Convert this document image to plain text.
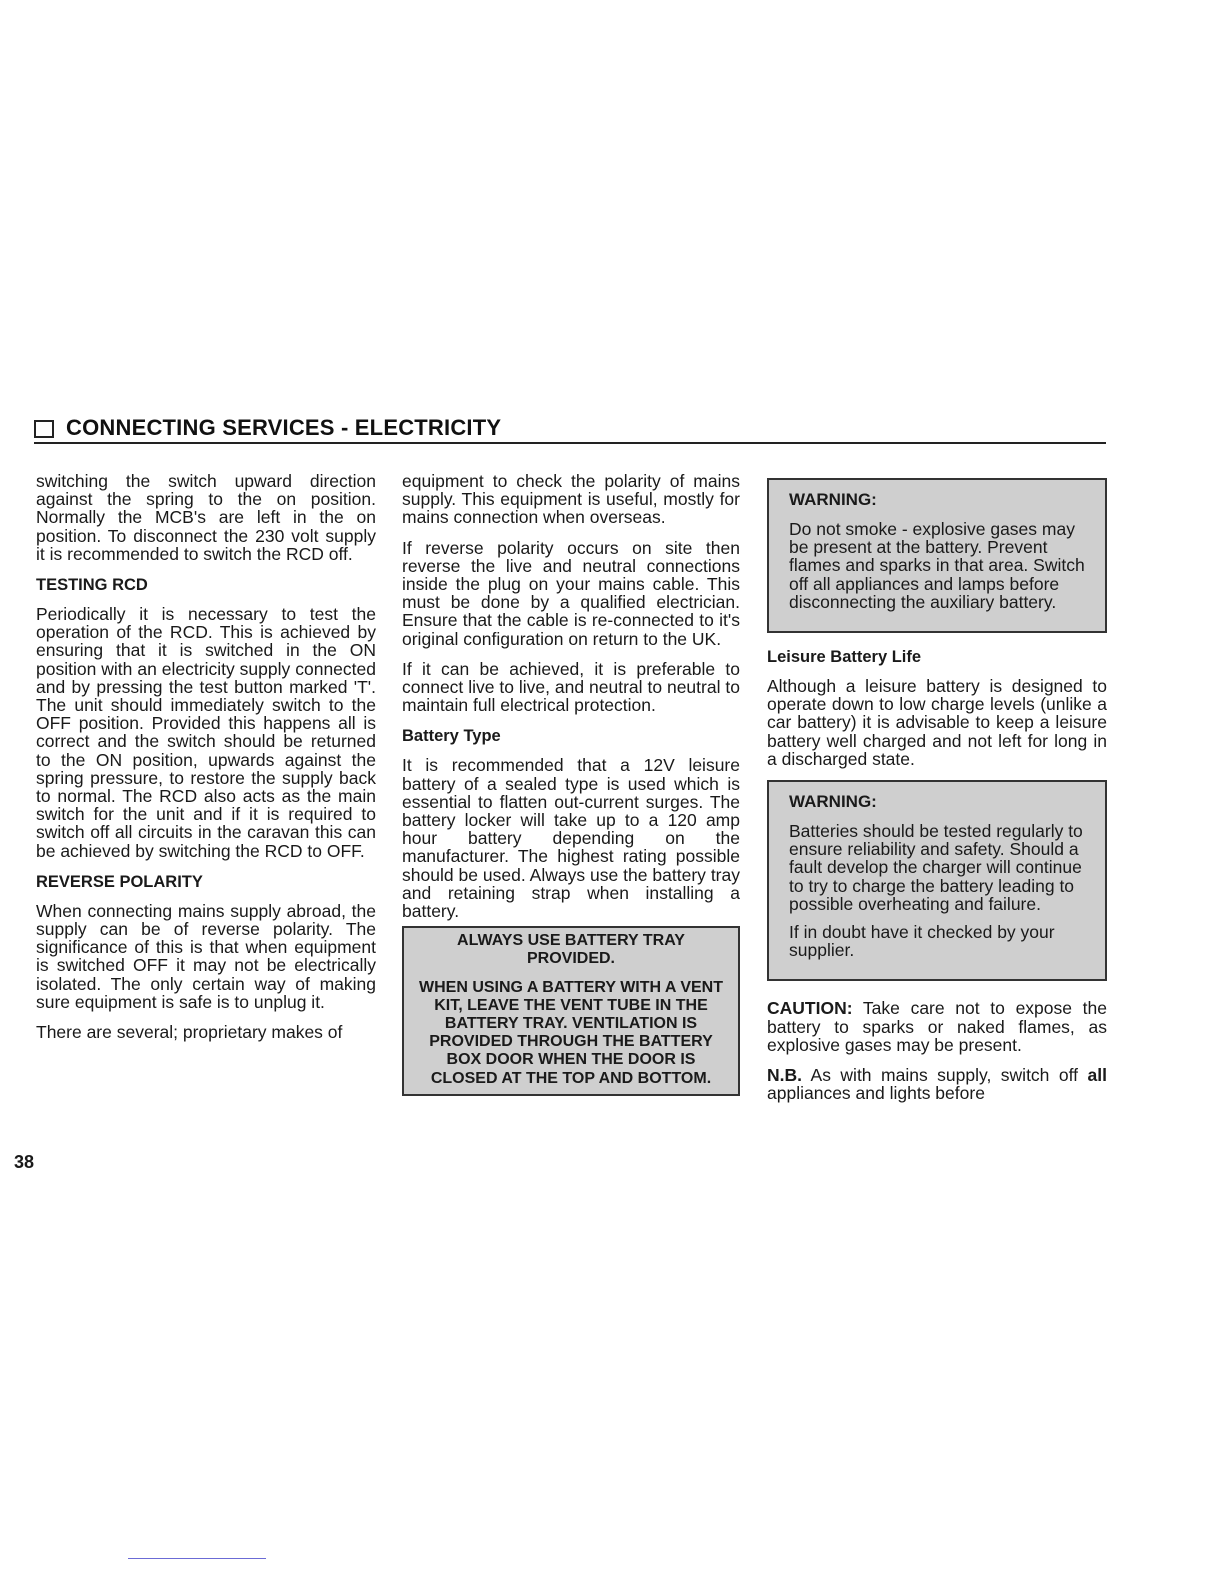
CONNECTING SERVICES - ELECTRICITY

switching the switch upward direction against the spring to the on position. Normally the MCB's are left in the on position. To disconnect the 230 volt supply it is recommended to switch the RCD off.

TESTING RCD

Periodically it is necessary to test the operation of the RCD. This is achieved by ensuring that it is switched in the ON position with an electricity supply connected and by pressing the test button marked 'T'. The unit should immediately switch to the OFF position. Provided this happens all is correct and the switch should be returned to the ON position, upwards against the spring pressure, to restore the supply back to normal. The RCD also acts as the main switch for the unit and if it is required to switch off all circuits in the caravan this can be achieved by switching the RCD to OFF.

REVERSE POLARITY

When connecting mains supply abroad, the supply can be of reverse polarity. The significance of this is that when equipment is switched OFF it may not be electrically isolated. The only certain way of making sure equipment is safe is to unplug it.

There are several; proprietary makes of

equipment to check the polarity of mains supply. This equipment is useful, mostly for mains connection when overseas.

If reverse polarity occurs on site then reverse the live and neutral connections inside the plug on your mains cable. This must be done by a qualified electrician. Ensure that the cable is re-connected to it's original configuration on return to the UK.

If it can be achieved, it is preferable to connect live to live, and neutral to neutral to maintain full electrical protection.

Battery Type

It is recommended that a 12V leisure battery of a sealed type is used which is essential to flatten out-current surges. The battery locker will take up to a 120 amp hour battery depending on the manufacturer. The highest rating possible should be used. Always use the battery tray and retaining strap when installing a battery.

ALWAYS USE BATTERY TRAY PROVIDED.
WHEN USING A BATTERY WITH A VENT KIT, LEAVE THE VENT TUBE IN THE BATTERY TRAY. VENTILATION IS PROVIDED THROUGH THE BATTERY BOX DOOR WHEN THE DOOR IS CLOSED AT THE TOP AND BOTTOM.
WARNING:

Do not smoke - explosive gases may be present at the battery. Prevent flames and sparks in that area. Switch off all appliances and lamps before disconnecting the auxiliary battery.

Leisure Battery Life

Although a leisure battery is designed to operate down to low charge levels (unlike a car battery) it is advisable to keep a leisure battery well charged and not left for long in a discharged state.

WARNING:

Batteries should be tested regularly to ensure reliability and safety. Should a fault develop the charger will continue to try to charge the battery leading to possible overheating and failure.

If in doubt have it checked by your supplier.

CAUTION: Take care not to expose the battery to sparks or naked flames, as explosive gases may be present.

N.B. As with mains supply, switch off all appliances and lights before

38
